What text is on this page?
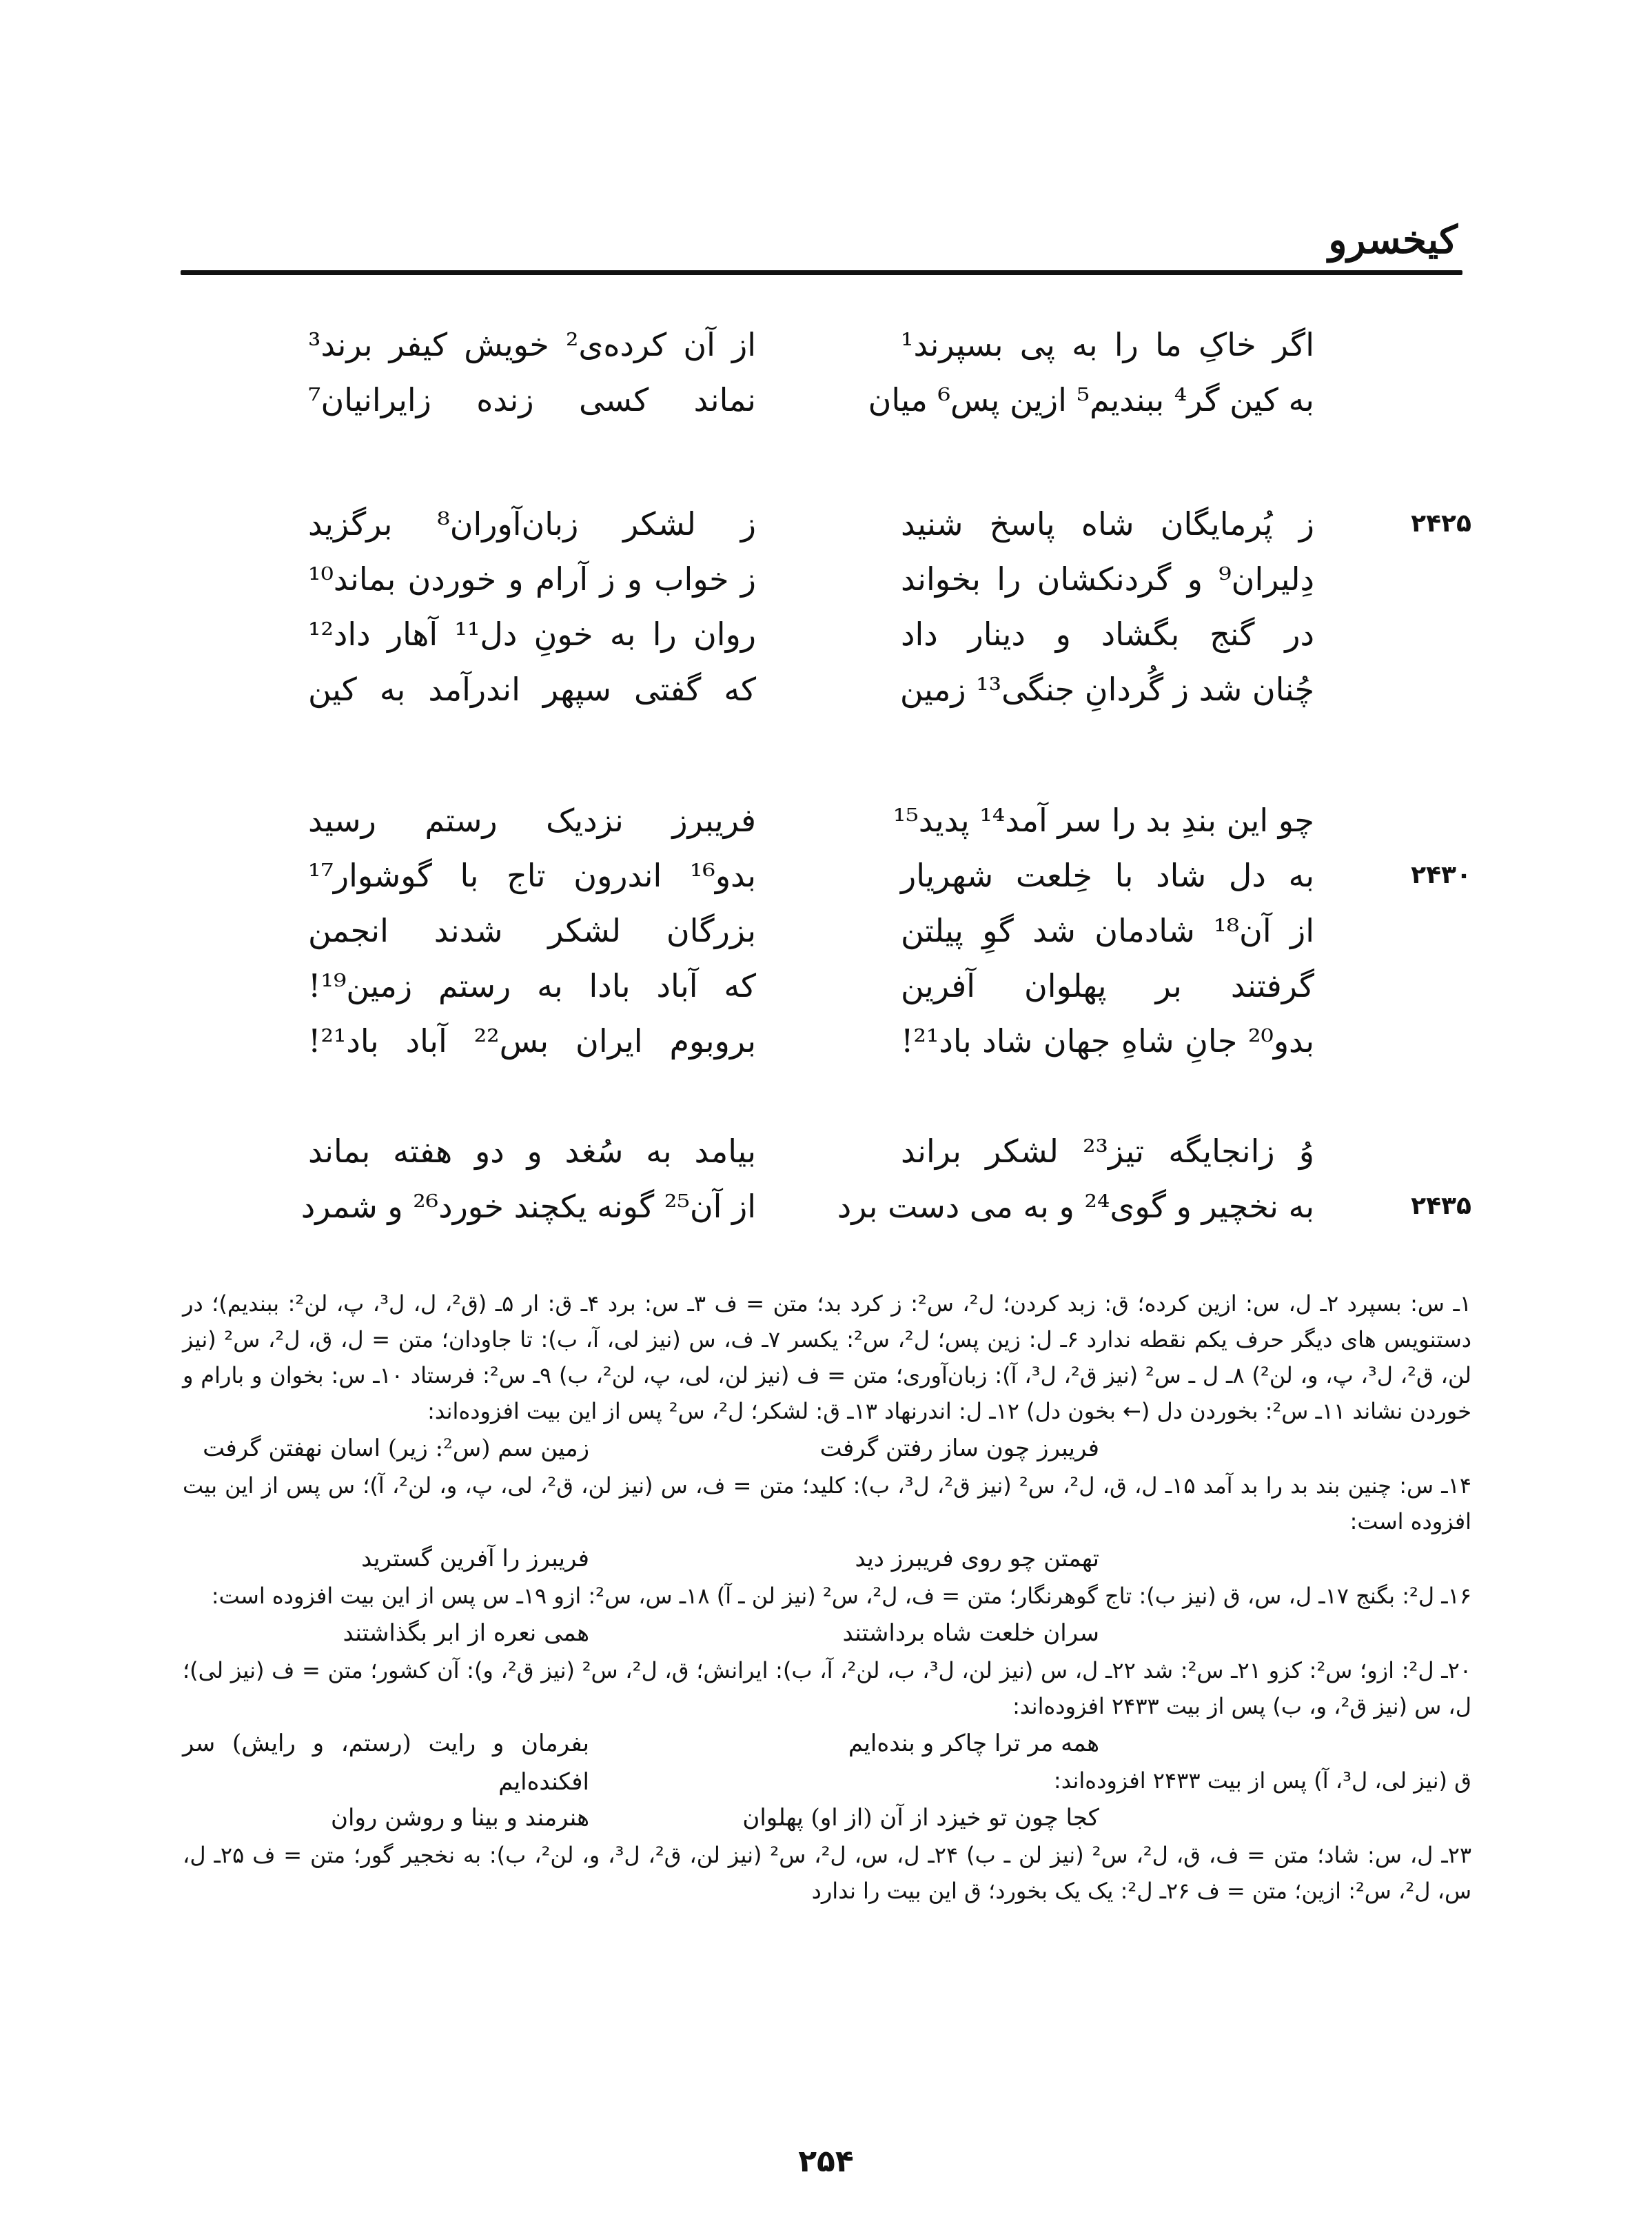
کیخسرو
اگر خاکِ ما را به پی بسپرند¹
از آن کرده‌ی² خویش کیفر برند³
به کین گر⁴ ببندیم⁵ ازین پس⁶ میان
نماند کسی زنده زایرانیان⁷
۲۴۲۵
ز پُرمایگان شاه پاسخ شنید
ز لشکر زبان‌آوران⁸ برگزید
دِلیران⁹ و گردنکشان را بخواند
ز خواب و ز آرام و خوردن بماند¹⁰
در گنج بگشاد و دینار داد
روان را به خونِ دل¹¹ آهار داد¹²
چُنان شد ز گُردانِ جنگی¹³ زمین
که گفتی سپهر اندرآمد به کین
چو این بندِ بد را سر آمد¹⁴ پدید¹⁵
فریبرز نزدیک رستم رسید
۲۴۳۰
به دل شاد با خِلعت شهریار
بدو¹⁶ اندرون تاج با گوشوار¹⁷
از آن¹⁸ شادمان شد گوِ پیلتن
بزرگان لشکر شدند انجمن
گرفتند بر پهلوان آفرین
که آباد بادا به رستم زمین¹⁹!
بدو²⁰ جانِ شاهِ جهان شاد باد²¹!
بروبوم ایران بس²² آباد باد²¹!
وُ زانجایگه تیز²³ لشکر براند
بیامد به سُغد و دو هفته بماند
۲۴۳۵
به نخچیر و گوی²⁴ و به می دست برد
از آن²⁵ گونه یکچند خورد²⁶ و شمرد
۱ـ س: بسپرد ۲ـ ل، س: ازین کرده؛ ق: زبد کردن؛ ل²، س²: ز کرد بد؛ متن = ف ۳ـ س: برد ۴ـ ق: ار ۵ـ (ق²، ل، ل³، پ، لن²: ببندیم)؛ در دستنویس های دیگر حرف یکم نقطه ندارد ۶ـ ل: زین پس؛ ل²، س²: یکسر ۷ـ ف، س (نیز لی، آ، ب): تا جاودان؛ متن = ل، ق، ل²، س² (نیز لن، ق²، ل³، پ، و، لن²) ۸ـ ل ـ س² (نیز ق²، ل³، آ): زبان‌آوری؛ متن = ف (نیز لن، لی، پ، لن²، ب) ۹ـ س²: فرستاد ۱۰ـ س: بخوان و بارام و خوردن نشاند ۱۱ـ س²: بخوردن دل (← بخون دل) ۱۲ـ ل: اندرنهاد ۱۳ـ ق: لشکر؛ ل²، س² پس از این بیت افزوده‌اند:
فریبرز چون ساز رفتن گرفت
زمین سم (س²: زیر) اسان نهفتن گرفت
۱۴ـ س: چنین بند بد را بد آمد ۱۵ـ ل، ق، ل²، س² (نیز ق²، ل³، ب): کلید؛ متن = ف، س (نیز لن، ق²، لی، پ، و، لن²، آ)؛ س پس از این بیت افزوده است:
تهمتن چو روی فریبرز دید
فریبرز را آفرین گسترید
۱۶ـ ل²: بگنج ۱۷ـ ل، س، ق (نیز ب): تاج گوهرنگار؛ متن = ف، ل²، س² (نیز لن ـ آ) ۱۸ـ س، س²: ازو ۱۹ـ س پس از این بیت افزوده است:
سران خلعت شاه برداشتند
همی نعره از ابر بگذاشتند
۲۰ـ ل²: ازو؛ س²: کزو ۲۱ـ س²: شد ۲۲ـ ل، س (نیز لن، ل³، ب، لن²، آ، ب): ایرانش؛ ق، ل²، س² (نیز ق²، و): آن کشور؛ متن = ف (نیز لی)؛ ل، س (نیز ق²، و، ب) پس از بیت ۲۴۳۳ افزوده‌اند:
همه مر ترا چاکر و بنده‌ایم
بفرمان و رایت (رستم، و رایش) سر افکنده‌ایم	ق (نیز لی، ل³، آ) پس از بیت ۲۴۳۳ افزوده‌اند:
کجا چون تو خیزد از آن (از او) پهلوان
هنرمند و بینا و روشن روان
۲۳ـ ل، س: شاد؛ متن = ف، ق، ل²، س² (نیز لن ـ ب) ۲۴ـ ل، س، ل²، س² (نیز لن، ق²، ل³، و، لن²، ب): به نخجیر گور؛ متن = ف ۲۵ـ ل، س، ل²، س²: ازین؛ متن = ف ۲۶ـ ل²: یک یک بخورد؛ ق این بیت را ندارد
۲۵۴
